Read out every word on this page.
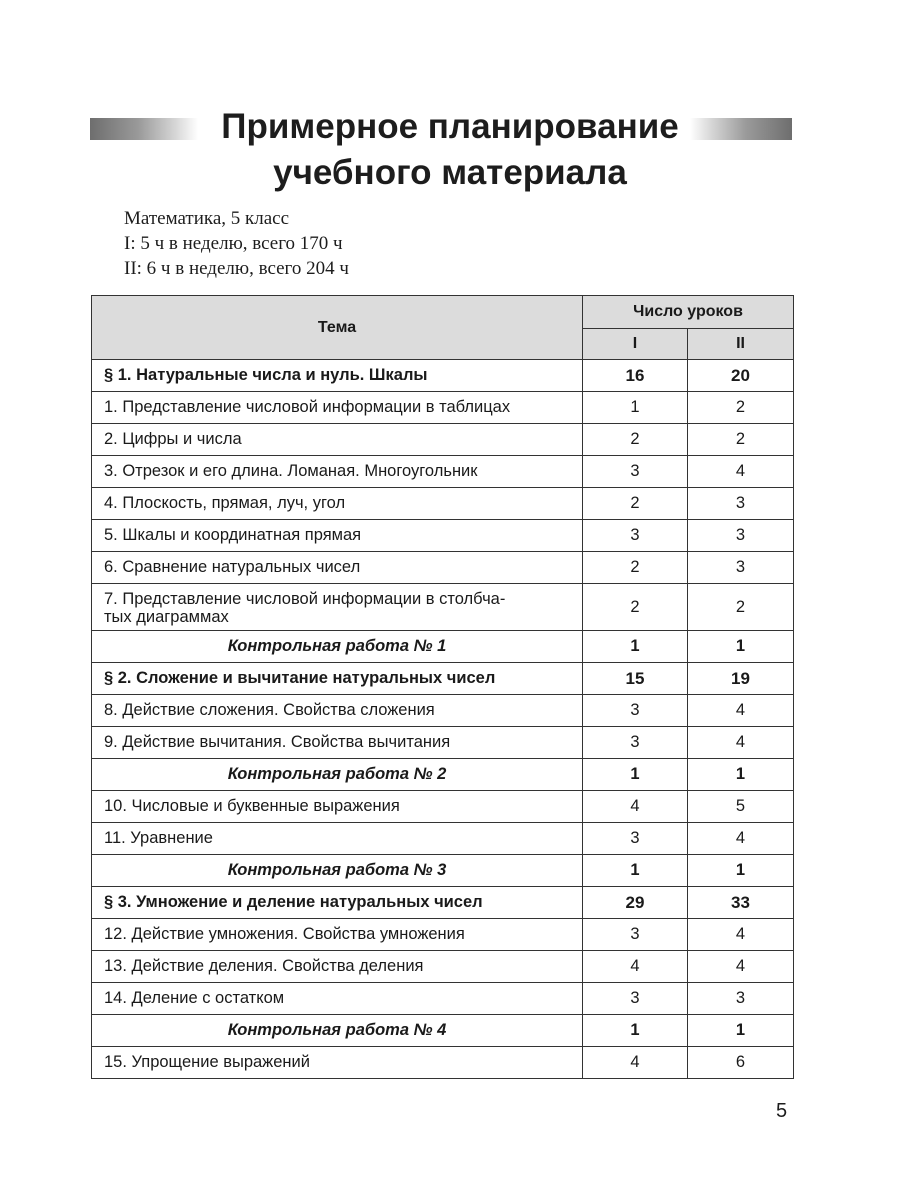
Примерное планирование
учебного материала
Математика, 5 класс
I: 5 ч в неделю, всего 170 ч
II: 6 ч в неделю, всего 204 ч
Тема	Число уроков	
	I	II
§ 1. Натуральные числа и нуль. Шкалы	16	20
1. Представление числовой информации в таблицах	1	2
2. Цифры и числа	2	2
3. Отрезок и его длина. Ломаная. Многоугольник	3	4
4. Плоскость, прямая, луч, угол	2	3
5. Шкалы и координатная прямая	3	3
6. Сравнение натуральных чисел	2	3

7. Представление числовой информации в столбча-
тых диаграммах	2	2
Контрольная работа № 1	1	1
§ 2. Сложение и вычитание натуральных чисел	15	19
8. Действие сложения. Свойства сложения	3	4
9. Действие вычитания. Свойства вычитания	3	4
Контрольная работа № 2	1	1
10. Числовые и буквенные выражения	4	5
11. Уравнение	3	4
Контрольная работа № 3	1	1
§ 3. Умножение и деление натуральных чисел	29	33
12. Действие умножения. Свойства умножения	3	4
13. Действие деления. Свойства деления	4	4
14. Деление с остатком	3	3
Контрольная работа № 4	1	1
15. Упрощение выражений	4	6
5
